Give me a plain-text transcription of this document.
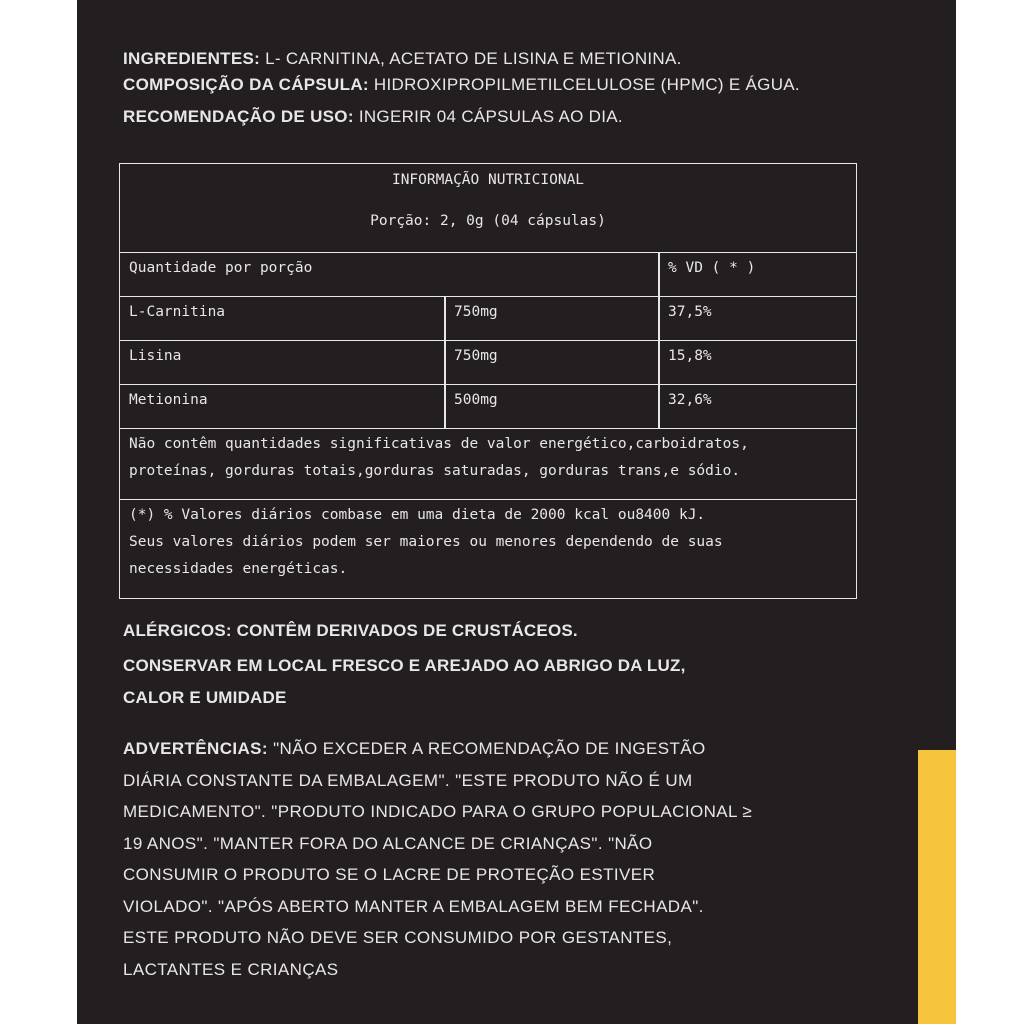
INGREDIENTES: L- CARNITINA, ACETATO DE LISINA E METIONINA.

COMPOSIÇÃO DA CÁPSULA: HIDROXIPROPILMETILCELULOSE (HPMC) E ÁGUA.

RECOMENDAÇÃO DE USO: INGERIR 04 CÁPSULAS AO DIA.

INFORMAÇÃO NUTRICIONAL
Porção: 2, 0g (04 cápsulas)
Quantidade por porção	% VD ( * )
L-Carnitina	750mg	37,5%
Lisina	750mg	15,8%
Metionina	500mg	32,6%
Não contêm quantidades significativas de valor energético,carboidratos,
proteínas, gorduras totais,gorduras saturadas, gorduras trans,e sódio.
(*) % Valores diários combase em uma dieta de 2000 kcal ou8400 kJ.
Seus valores diários podem ser maiores ou menores dependendo de suas
necessidades energéticas.

ALÉRGICOS: CONTÊM DERIVADOS DE CRUSTÁCEOS.

CONSERVAR EM LOCAL FRESCO E AREJADO AO ABRIGO DA LUZ,

CALOR E UMIDADE

ADVERTÊNCIAS: "NÃO EXCEDER A RECOMENDAÇÃO DE INGESTÃO
DIÁRIA CONSTANTE DA EMBALAGEM". "ESTE PRODUTO NÃO É UM
MEDICAMENTO". "PRODUTO INDICADO PARA O GRUPO POPULACIONAL ≥
19 ANOS". "MANTER FORA DO ALCANCE DE CRIANÇAS". "NÃO
CONSUMIR O PRODUTO SE O LACRE DE PROTEÇÃO ESTIVER
VIOLADO". "APÓS ABERTO MANTER A EMBALAGEM BEM FECHADA".
ESTE PRODUTO NÃO DEVE SER CONSUMIDO POR GESTANTES,
LACTANTES E CRIANÇAS
